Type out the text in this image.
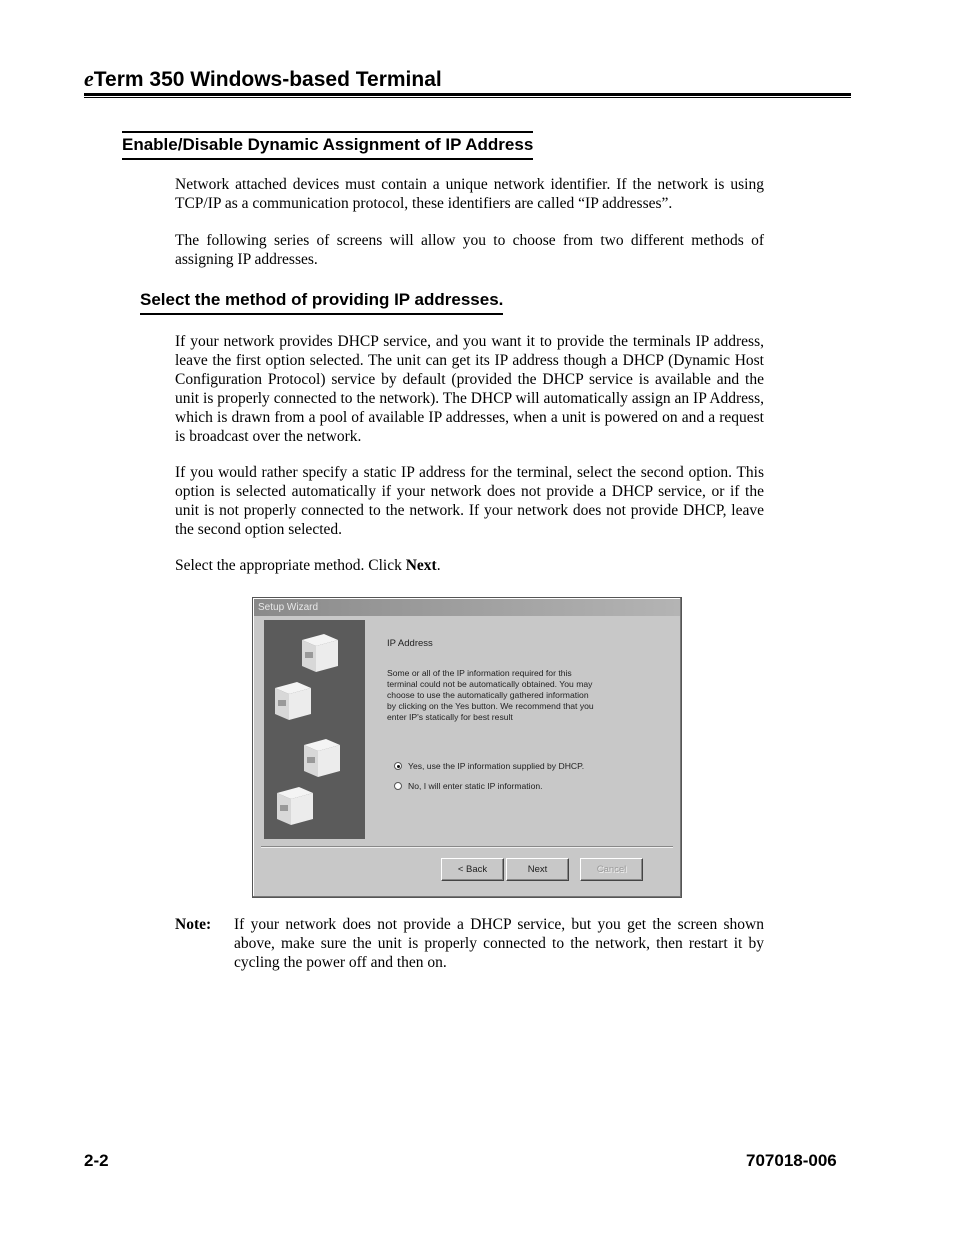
eTerm 350 Windows-based Terminal
Enable/Disable Dynamic Assignment of IP Address

Network attached devices must contain a unique network identifier. If the network is using TCP/IP as a communication protocol, these identifiers are called “IP addresses”.

The following series of screens will allow you to choose from two different methods of assigning IP addresses.

Select the method of providing IP addresses.

If your network provides DHCP service, and you want it to provide the terminals IP address, leave the first option selected. The unit can get its IP address though a DHCP (Dynamic Host Configuration Protocol) service by default (provided the DHCP service is available and the unit is properly connected to the network). The DHCP will automatically assign an IP Address, which is drawn from a pool of available IP addresses, when a unit is powered on and a request is broadcast over the network.

If you would rather specify a static IP address for the terminal, select the second option. This option is selected automatically if your network does not provide a DHCP service, or if the unit is not properly connected to the network. If your network does not provide DHCP, leave the second option selected.

Select the appropriate method. Click Next.

Setup Wizard
IP Address
Some or all of the IP information required for this terminal could not be automatically obtained. You may choose to use the automatically gathered information by clicking on the Yes button. We recommend that you enter IP's statically for best result
Yes, use the IP information supplied by DHCP.
No, I will enter static IP information.
< Back	Next	Cancel
Note: If your network does not provide a DHCP service, but you get the screen shown above, make sure the unit is properly connected to the network, then restart it by cycling the power off and then on.

2-2	707018-006
